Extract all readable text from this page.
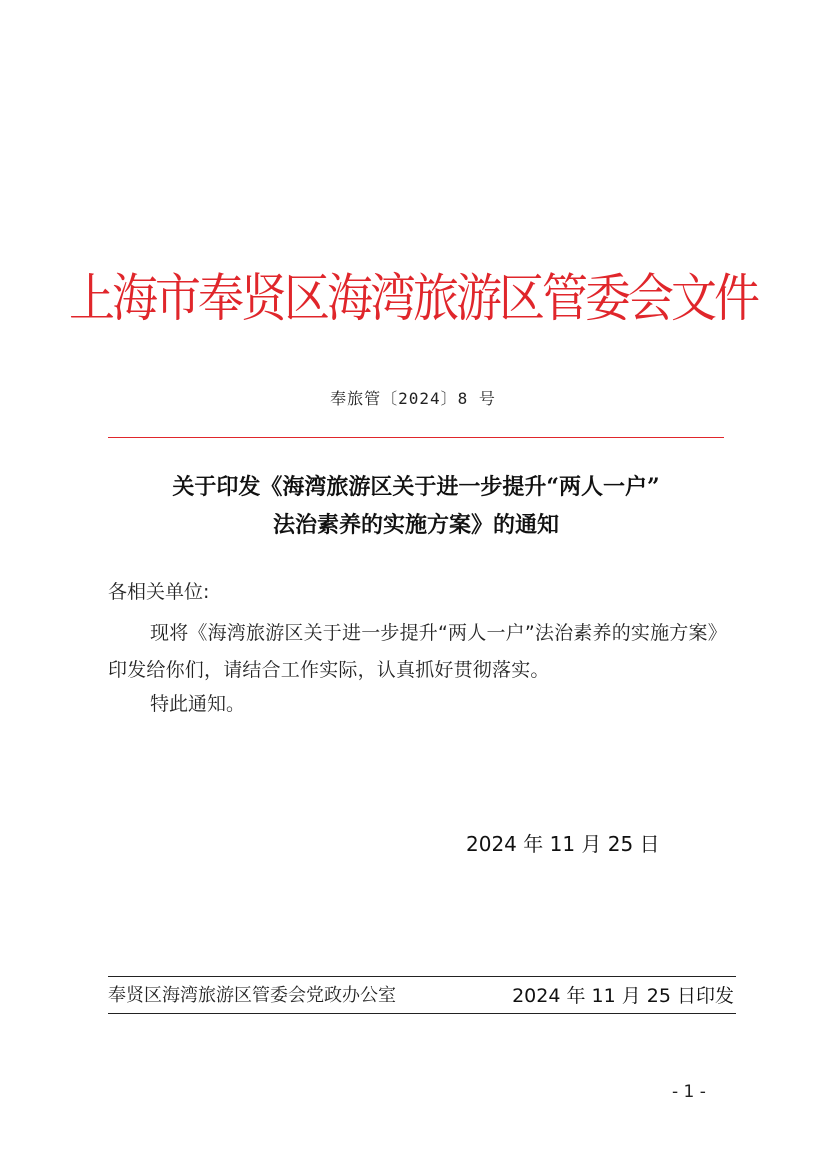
上海市奉贤区海湾旅游区管委会文件
奉旅管〔2024〕8 号
关于印发《海湾旅游区关于进一步提升“两人一户”
法治素养的实施方案》的通知
各相关单位:
现将《海湾旅游区关于进一步提升“两人一户”法治素养的实施方案》印发给你们，请结合工作实际，认真抓好贯彻落实。
特此通知。
2024 年 11 月 25 日
奉贤区海湾旅游区管委会党政办公室	2024 年 11 月 25 日印发
- 1 -
